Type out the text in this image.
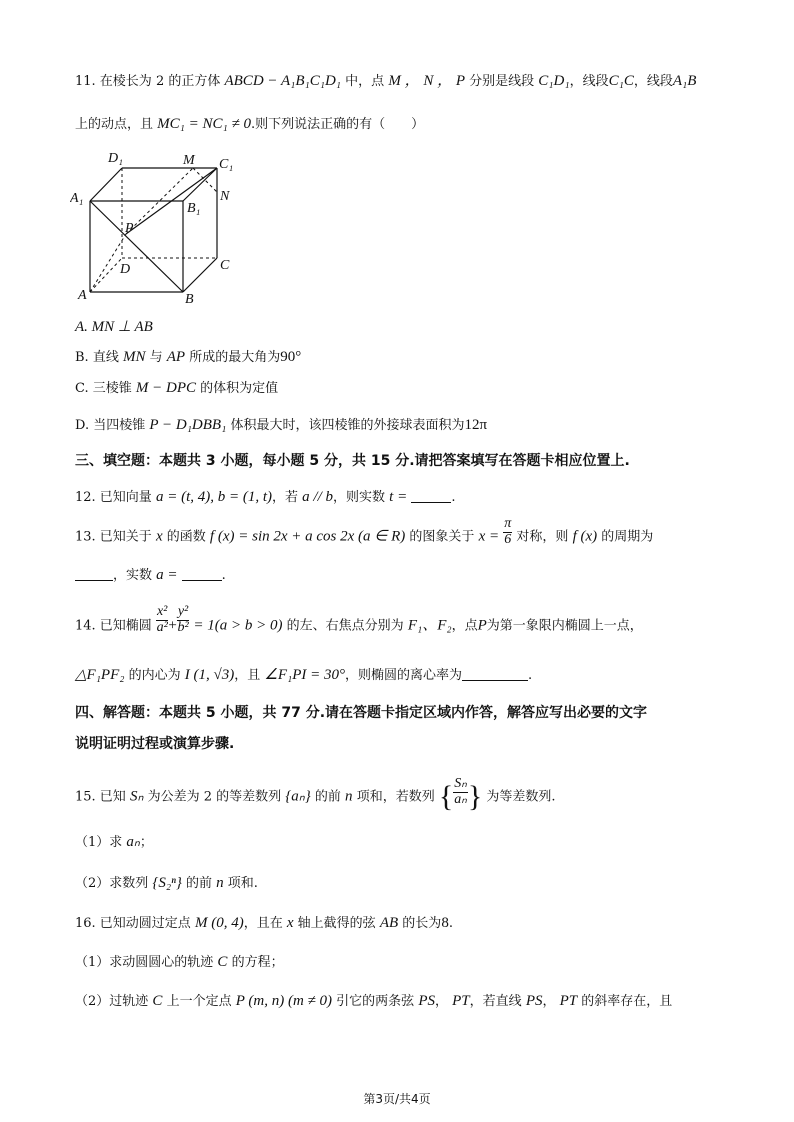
11. 在棱长为 2 的正方体 ABCD − A₁B₁C₁D₁ 中，点 M ， N ， P 分别是线段 C₁D₁，线段C₁C，线段A₁B
上的动点，且 MC₁ = NC₁ ≠ 0.则下列说法正确的有（　　）
D₁	M C₁
A₁
B₁
N
P
D	C
A	B
A. MN ⊥ AB
B. 直线 MN 与 AP 所成的最大角为90°
C. 三棱锥 M − DPC 的体积为定值
D. 当四棱锥 P − D₁DBB₁ 体积最大时，该四棱锥的外接球表面积为12π
三、填空题：本题共 3 小题，每小题 5 分，共 15 分.请把答案填写在答题卡相应位置上.
12. 已知向量 a = (t, 4), b = (1, t)，若 a // b，则实数 t =	.
13. 已知关于 x 的函数 f (x) = sin 2x + a cos 2x (a ∈ R) 的图象关于 $x = \frac{\pi}{6}$ 对称，则 f (x) 的周期为
，实数 a =	.
14. 已知椭圆 $\frac{\text{x²}}{\text{a²}} + \frac{\text{y²}}{\text{b²}} = 1(a > b > 0)$ 的左、右焦点分别为 F₁、F₂，点P为第一象限内椭圆上一点，
△F₁PF₂ 的内心为 I (1, √3)，且 ∠F₁PI = 30°，则椭圆的离心率为	.
四、解答题：本题共 5 小题，共 77 分.请在答题卡指定区域内作答，解答应写出必要的文字
说明证明过程或演算步骤.
15. 已知 Sₙ 为公差为 2 的等差数列 {aₙ} 的前 n 项和，若数列 { $\frac{\text{Sₙ}}{\text{aₙ}}$ } 为等差数列.
（1）求 aₙ；
（2）求数列 {S₂ⁿ} 的前 n 项和.
16. 已知动圆过定点 M (0, 4)，且在 x 轴上截得的弦 AB 的长为8.
（1）求动圆圆心的轨迹 C 的方程；
（2）过轨迹 C 上一个定点 P (m, n) (m ≠ 0) 引它的两条弦 PS， PT，若直线 PS， PT 的斜率存在，且
第3页/共4页
